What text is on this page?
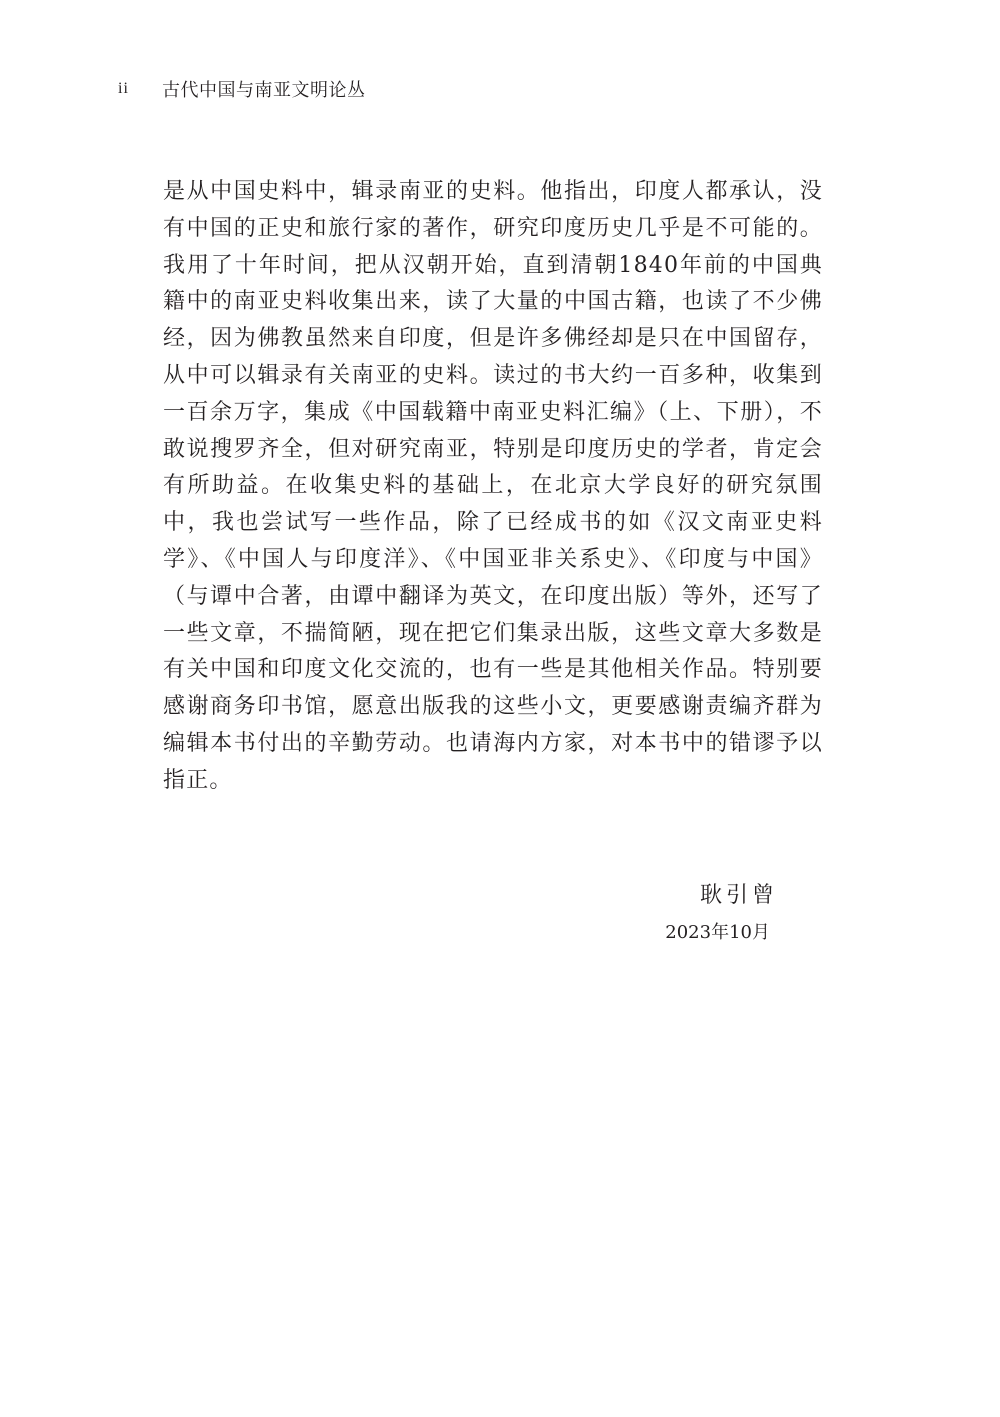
ii	古代中国与南亚文明论丛

是从中国史料中，辑录南亚的史料。他指出，印度人都承认，没有中国的正史和旅行家的著作，研究印度历史几乎是不可能的。我用了十年时间，把从汉朝开始，直到清朝1840年前的中国典籍中的南亚史料收集出来，读了大量的中国古籍，也读了不少佛经，因为佛教虽然来自印度，但是许多佛经却是只在中国留存，从中可以辑录有关南亚的史料。读过的书大约一百多种，收集到一百余万字，集成《中国载籍中南亚史料汇编》（上、下册），不敢说搜罗齐全，但对研究南亚，特别是印度历史的学者，肯定会有所助益。在收集史料的基础上，在北京大学良好的研究氛围中，我也尝试写一些作品，除了已经成书的如《汉文南亚史料学》、《中国人与印度洋》、《中国亚非关系史》、《印度与中国》（与谭中合著，由谭中翻译为英文，在印度出版）等外，还写了一些文章，不揣简陋，现在把它们集录出版，这些文章大多数是有关中国和印度文化交流的，也有一些是其他相关作品。特别要感谢商务印书馆，愿意出版我的这些小文，更要感谢责编齐群为编辑本书付出的辛勤劳动。也请海内方家，对本书中的错谬予以指正。

耿引曾
2023年10月
